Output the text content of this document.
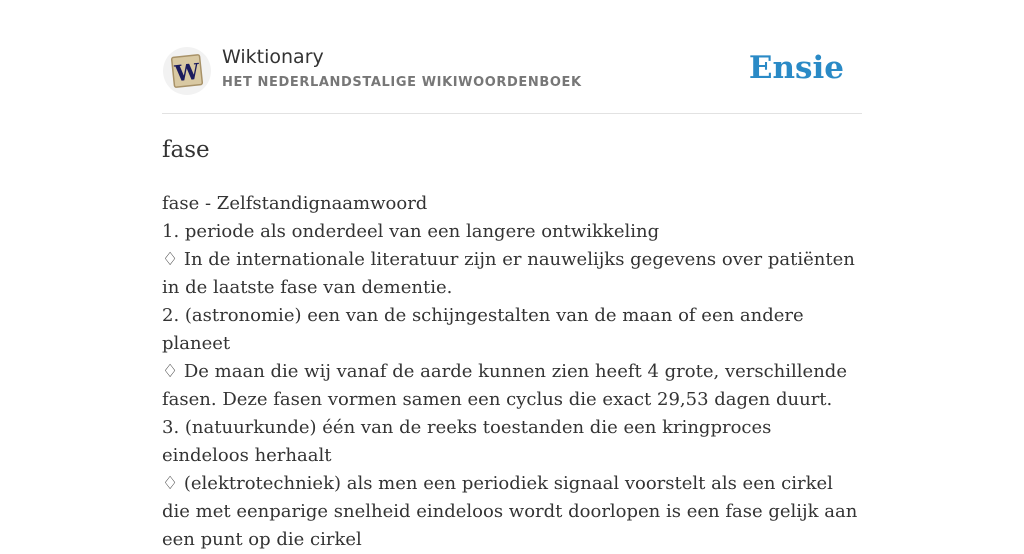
W
Wiktionary
HET NEDERLANDSTALIGE WIKIWOORDENBOEK	Ensie
fase
fase - Zelfstandignaamwoord
1. periode als onderdeel van een langere ontwikkeling
♢ In de internationale literatuur zijn er nauwelijks gegevens over patiënten in de laatste fase van dementie.
2. (astronomie) een van de schijngestalten van de maan of een andere planeet
♢ De maan die wij vanaf de aarde kunnen zien heeft 4 grote, verschillende fasen. Deze fasen vormen samen een cyclus die exact 29,53 dagen duurt.
3. (natuurkunde) één van de reeks toestanden die een kringproces eindeloos herhaalt
♢ (elektrotechniek) als men een periodiek signaal voorstelt als een cirkel die met eenparige snelheid eindeloos wordt doorlopen is een fase gelijk aan een punt op die cirkel
